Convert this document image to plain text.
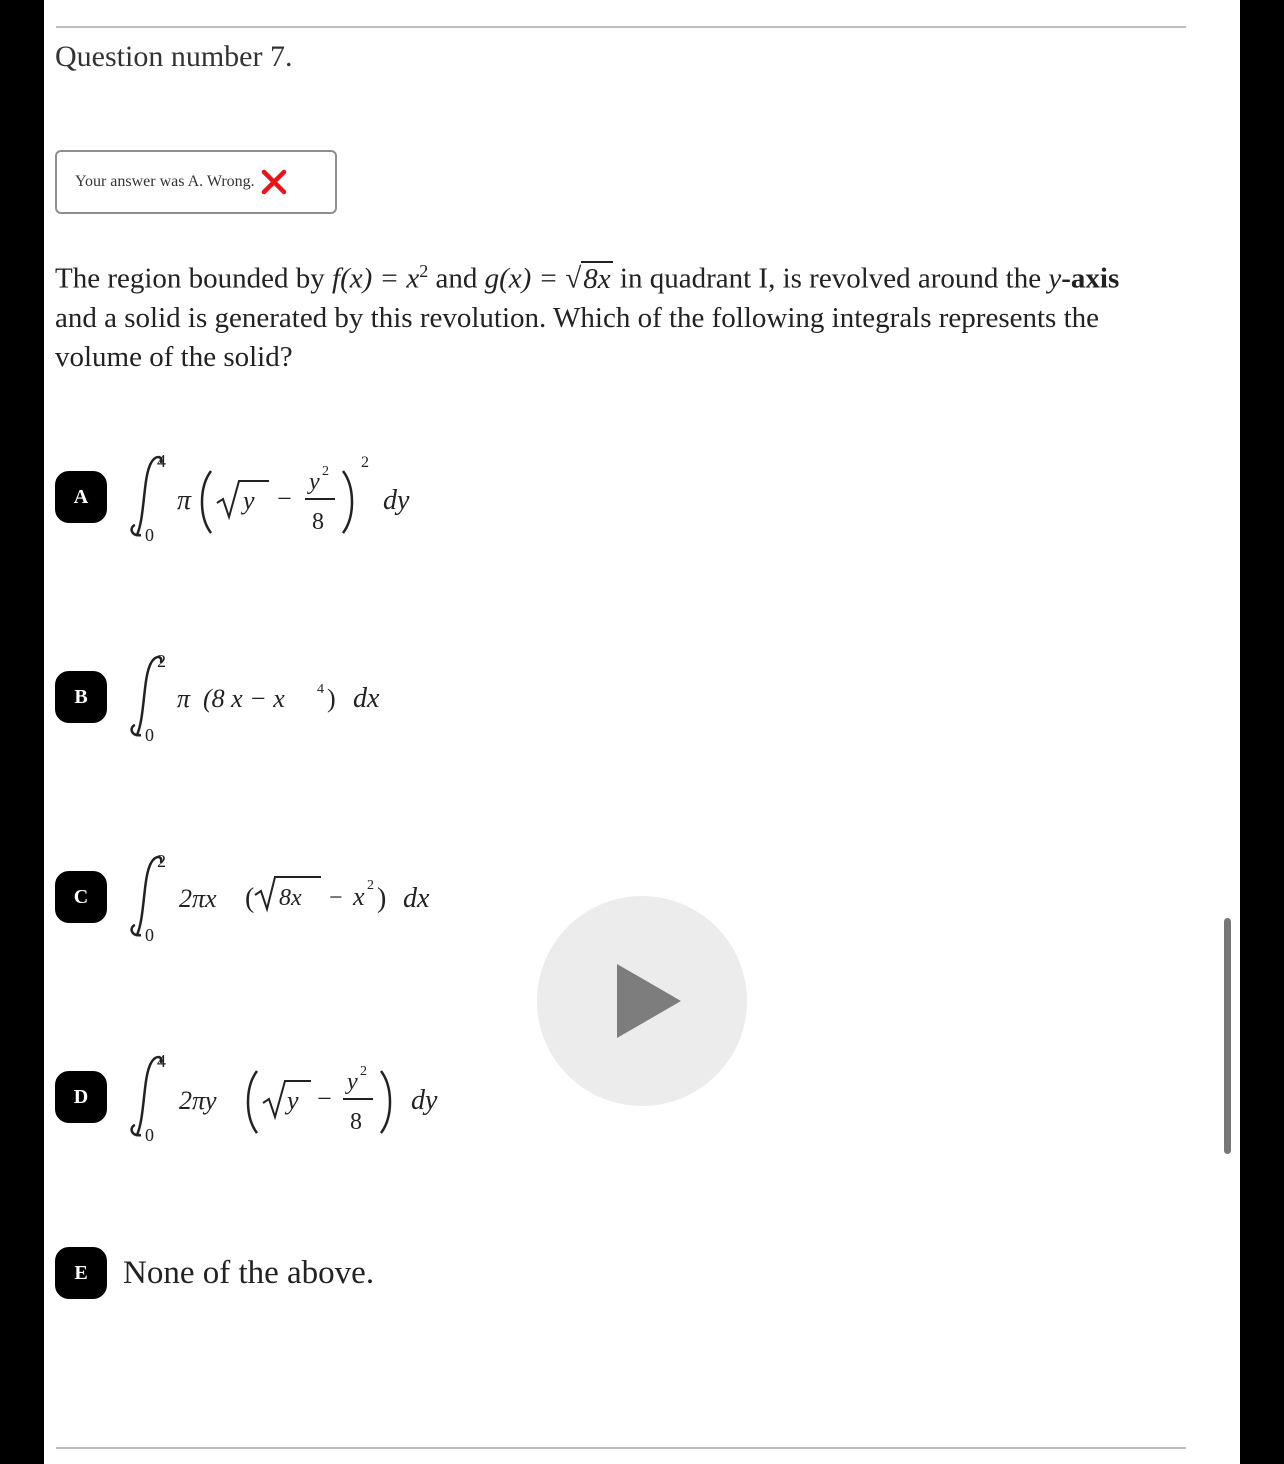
Question number 7.
Your answer was A. Wrong.
The region bounded by $f(x) = x^2$ and g(x) = √8x in quadrant I, is revolved around the y-axis and a solid is generated by this revolution. Which of the following integrals represents the volume of the solid?
A
4
0
π y −
y 2
8
2
dy
B
2
0
π (8 x − x 4 ) dx
C
2
0
2πx ( 8x − x 2 ) dx
D
4
0
2πy	y −
y 2
8
dy
E	None of the above.
